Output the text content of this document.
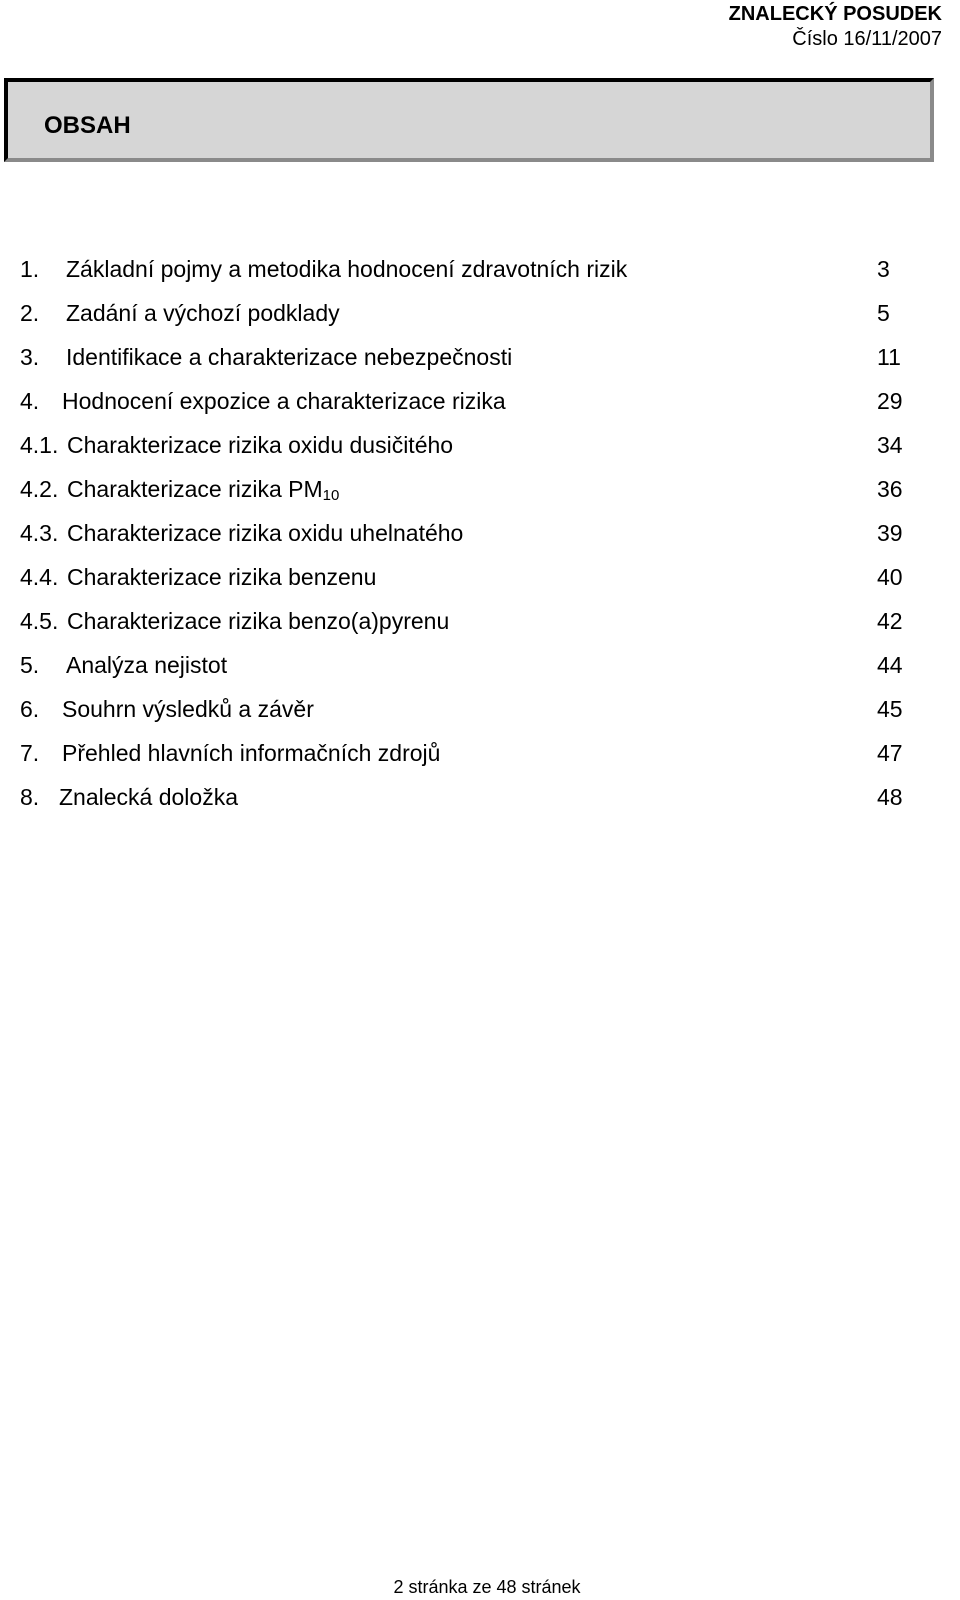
ZNALECKÝ POSUDEK
Číslo 16/11/2007
OBSAH
1. Základní pojmy a metodika hodnocení zdravotních rizik	3
2. Zadání a výchozí podklady	5
3. Identifikace a charakterizace nebezpečnosti	11
4. Hodnocení expozice a charakterizace rizika	29
4.1. Charakterizace rizika oxidu dusičitého	34
4.2. Charakterizace rizika $PM_{10}$	36
4.3. Charakterizace rizika oxidu uhelnatého	39
4.4. Charakterizace rizika benzenu	40
4.5. Charakterizace rizika benzo(a)pyrenu	42
5. Analýza nejistot	44
6. Souhrn výsledků a závěr	45
7. Přehled hlavních informačních zdrojů	47
8. Znalecká doložka	48
2 stránka ze 48 stránek
